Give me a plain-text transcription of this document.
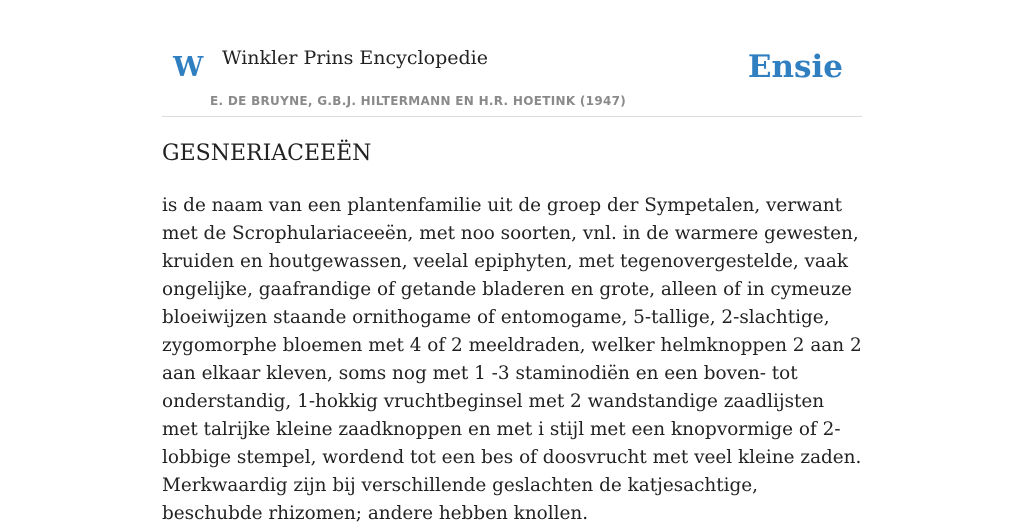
W Winkler Prins Encyclopedie
E. DE BRUYNE, G.B.J. HILTERMANN EN H.R. HOETINK (1947)
Ensie
GESNERIACEEËN

is de naam van een plantenfamilie uit de groep der Sympetalen, verwant met de Scrophulariaceeën, met noo soorten, vnl. in de warmere gewesten, kruiden en houtgewassen, veelal epiphyten, met tegenovergestelde, vaak ongelijke, gaafrandige of getande bladeren en grote, alleen of in cymeuze bloeiwijzen staande ornithogame of entomogame, 5-tallige, 2-slachtige, zygomorphe bloemen met 4 of 2 meeldraden, welker helmknoppen 2 aan 2 aan elkaar kleven, soms nog met 1 -3 staminodiën en een boven- tot onderstandig, 1-hokkig vruchtbeginsel met 2 wandstandige zaadlijsten met talrijke kleine zaadknoppen en met i stijl met een knopvormige of 2-lobbige stempel, wordend tot een bes of doosvrucht met veel kleine zaden. Merkwaardig zijn bij verschillende geslachten de katjesachtige, beschubde rhizomen; andere hebben knollen.
